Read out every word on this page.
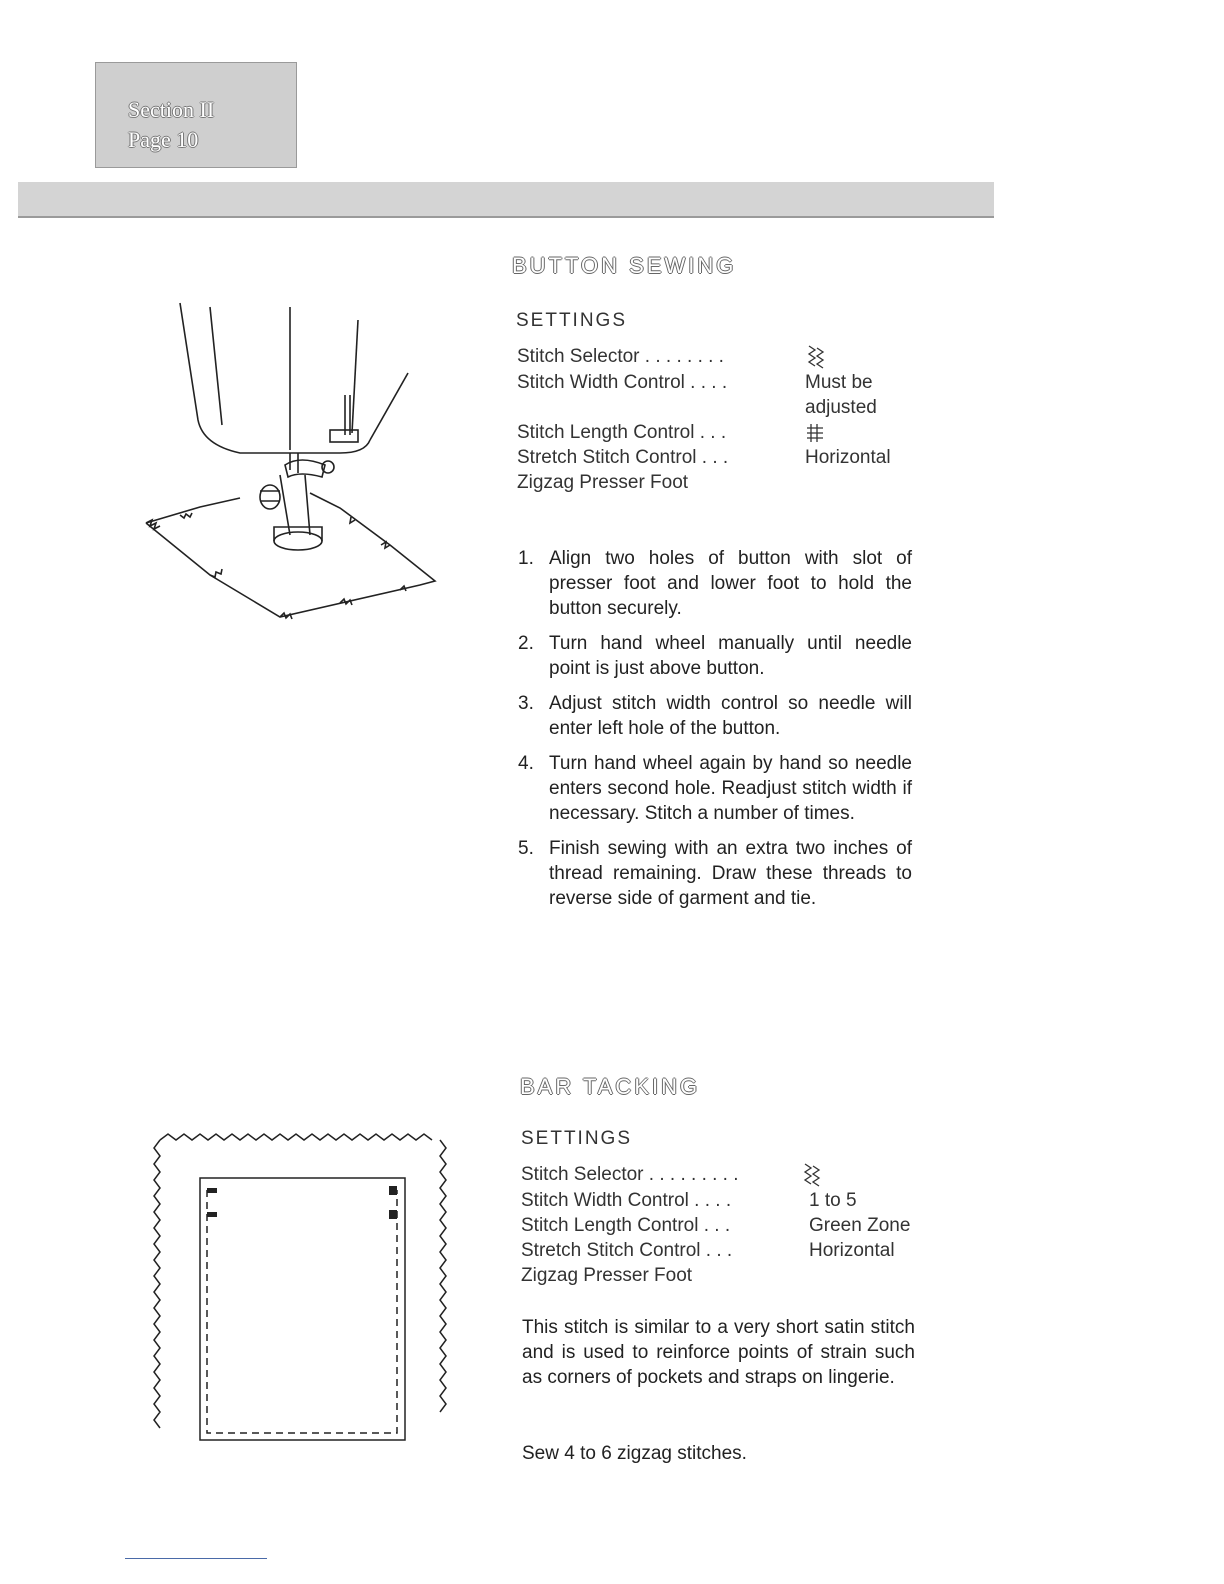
Section II
Page 10
BUTTON SEWING
SETTINGS
Stitch Selector . . . . . . . .
Stitch Width Control . . . .	Must be
adjusted
Stitch Length Control . . .
Stretch Stitch Control . . .	Horizontal
Zigzag Presser Foot
1. Align two holes of button with slot of presser foot and lower foot to hold the button securely.
2. Turn hand wheel manually until needle point is just above button.
3. Adjust stitch width control so needle will enter left hole of the button.
4. Turn hand wheel again by hand so needle enters second hole. Readjust stitch width if necessary. Stitch a number of times.
5. Finish sewing with an extra two inches of thread remaining. Draw these threads to reverse side of garment and tie.
BAR TACKING
SETTINGS
Stitch Selector . . . . . . . . .
Stitch Width Control . . . .	1 to 5
Stitch Length Control . . .	Green Zone
Stretch Stitch Control . . .	Horizontal
Zigzag Presser Foot
This stitch is similar to a very short satin stitch and is used to reinforce points of strain such as corners of pockets and straps on lingerie.
Sew 4 to 6 zigzag stitches.
